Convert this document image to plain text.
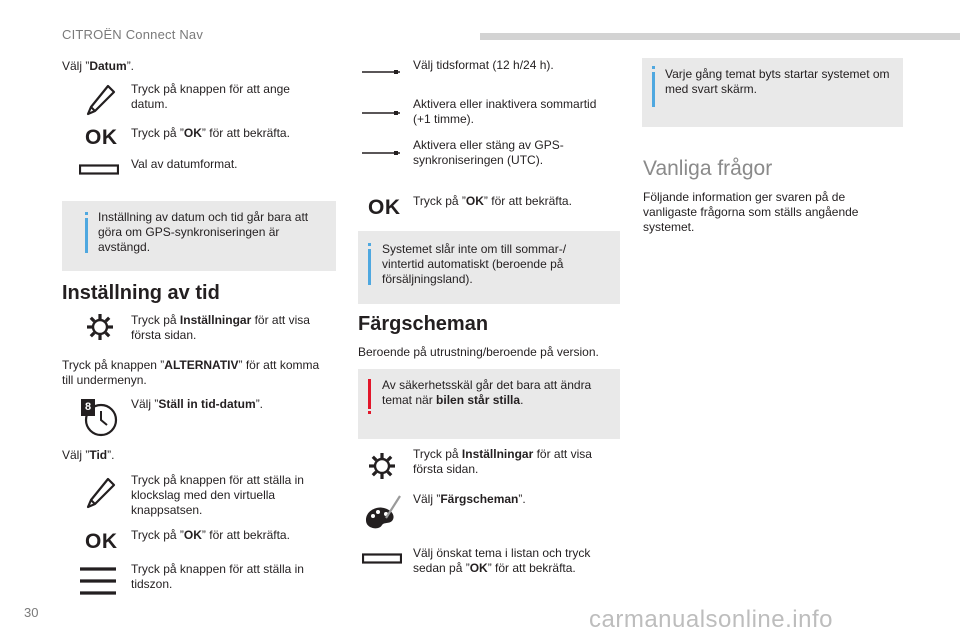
CITROËN Connect Nav

Välj ”Datum”.

Tryck på knappen för att ange datum.

OK Tryck på ”OK” för att bekräfta.

Val av datumformat.

Inställning av datum och tid går bara att göra om GPS-synkroniseringen är avstängd.

Inställning av tid

Tryck på Inställningar för att visa första sidan.

Tryck på knappen ”ALTERNATIV” för att komma till undermenyn.

8	Välj ”Ställ in tid-datum”.

Välj ”Tid”.

Tryck på knappen för att ställa in klockslag med den virtuella knappsatsen.

OK Tryck på ”OK” för att bekräfta.

Tryck på knappen för att ställa in tidszon.

Välj tidsformat (12 h/24 h).

Aktivera eller inaktivera sommartid (+1 timme).

Aktivera eller stäng av GPS-synkroniseringen (UTC).

OK Tryck på ”OK” för att bekräfta.

Systemet slår inte om till sommar-/ vintertid automatiskt (beroende på försäljningsland).

Färgscheman

Beroende på utrustning/beroende på version.

Av säkerhetsskäl går det bara att ändra temat när bilen står stilla.

Tryck på Inställningar för att visa första sidan.

Välj ”Färgscheman”.

Välj önskat tema i listan och tryck sedan på ”OK” för att bekräfta.

Varje gång temat byts startar systemet om med svart skärm.

Vanliga frågor

Följande information ger svaren på de vanligaste frågorna som ställs angående systemet.

30	carmanualsonline.info
